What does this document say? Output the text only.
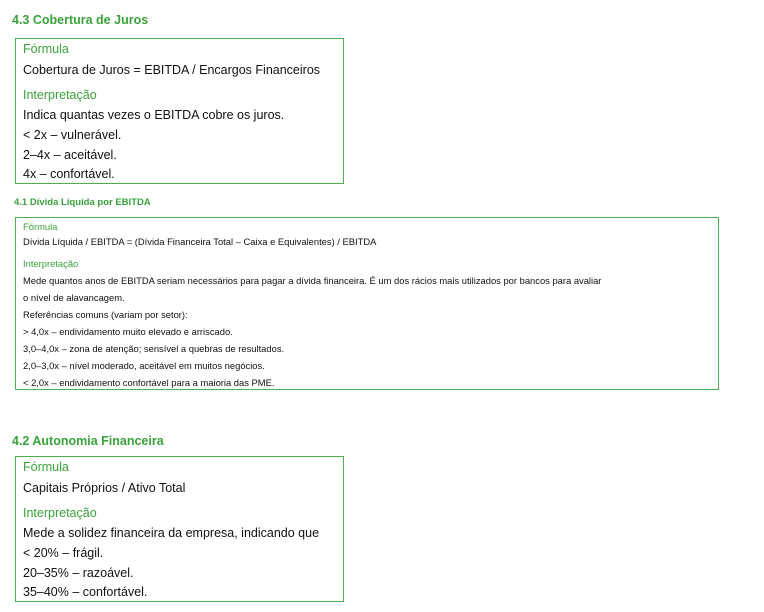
4.3 Cobertura de Juros
Fórmula
Cobertura de Juros = EBITDA / Encargos Financeiros
Interpretação
Indica quantas vezes o EBITDA cobre os juros.
< 2x – vulnerável.
2–4x – aceitável.
4x – confortável.
4.1 Dívida Líquida por EBITDA
Fórmula
Dívida Líquida / EBITDA = (Dívida Financeira Total – Caixa e Equivalentes) / EBITDA
Interpretação
Mede quantos anos de EBITDA seriam necessários para pagar a dívida financeira. É um dos rácios mais utilizados por bancos para avaliar
o nível de alavancagem.
Referências comuns (variam por setor):
> 4,0x – endividamento muito elevado e arriscado.
3,0–4,0x – zona de atenção; sensível a quebras de resultados.
2,0–3,0x – nível moderado, aceitável em muitos negócios.
< 2,0x – endividamento confortável para a maioria das PME.
4.2 Autonomia Financeira
Fórmula
Capitais Próprios / Ativo Total
Interpretação
Mede a solidez financeira da empresa, indicando que
< 20% – frágil.
20–35% – razoável.
35–40% – confortável.
